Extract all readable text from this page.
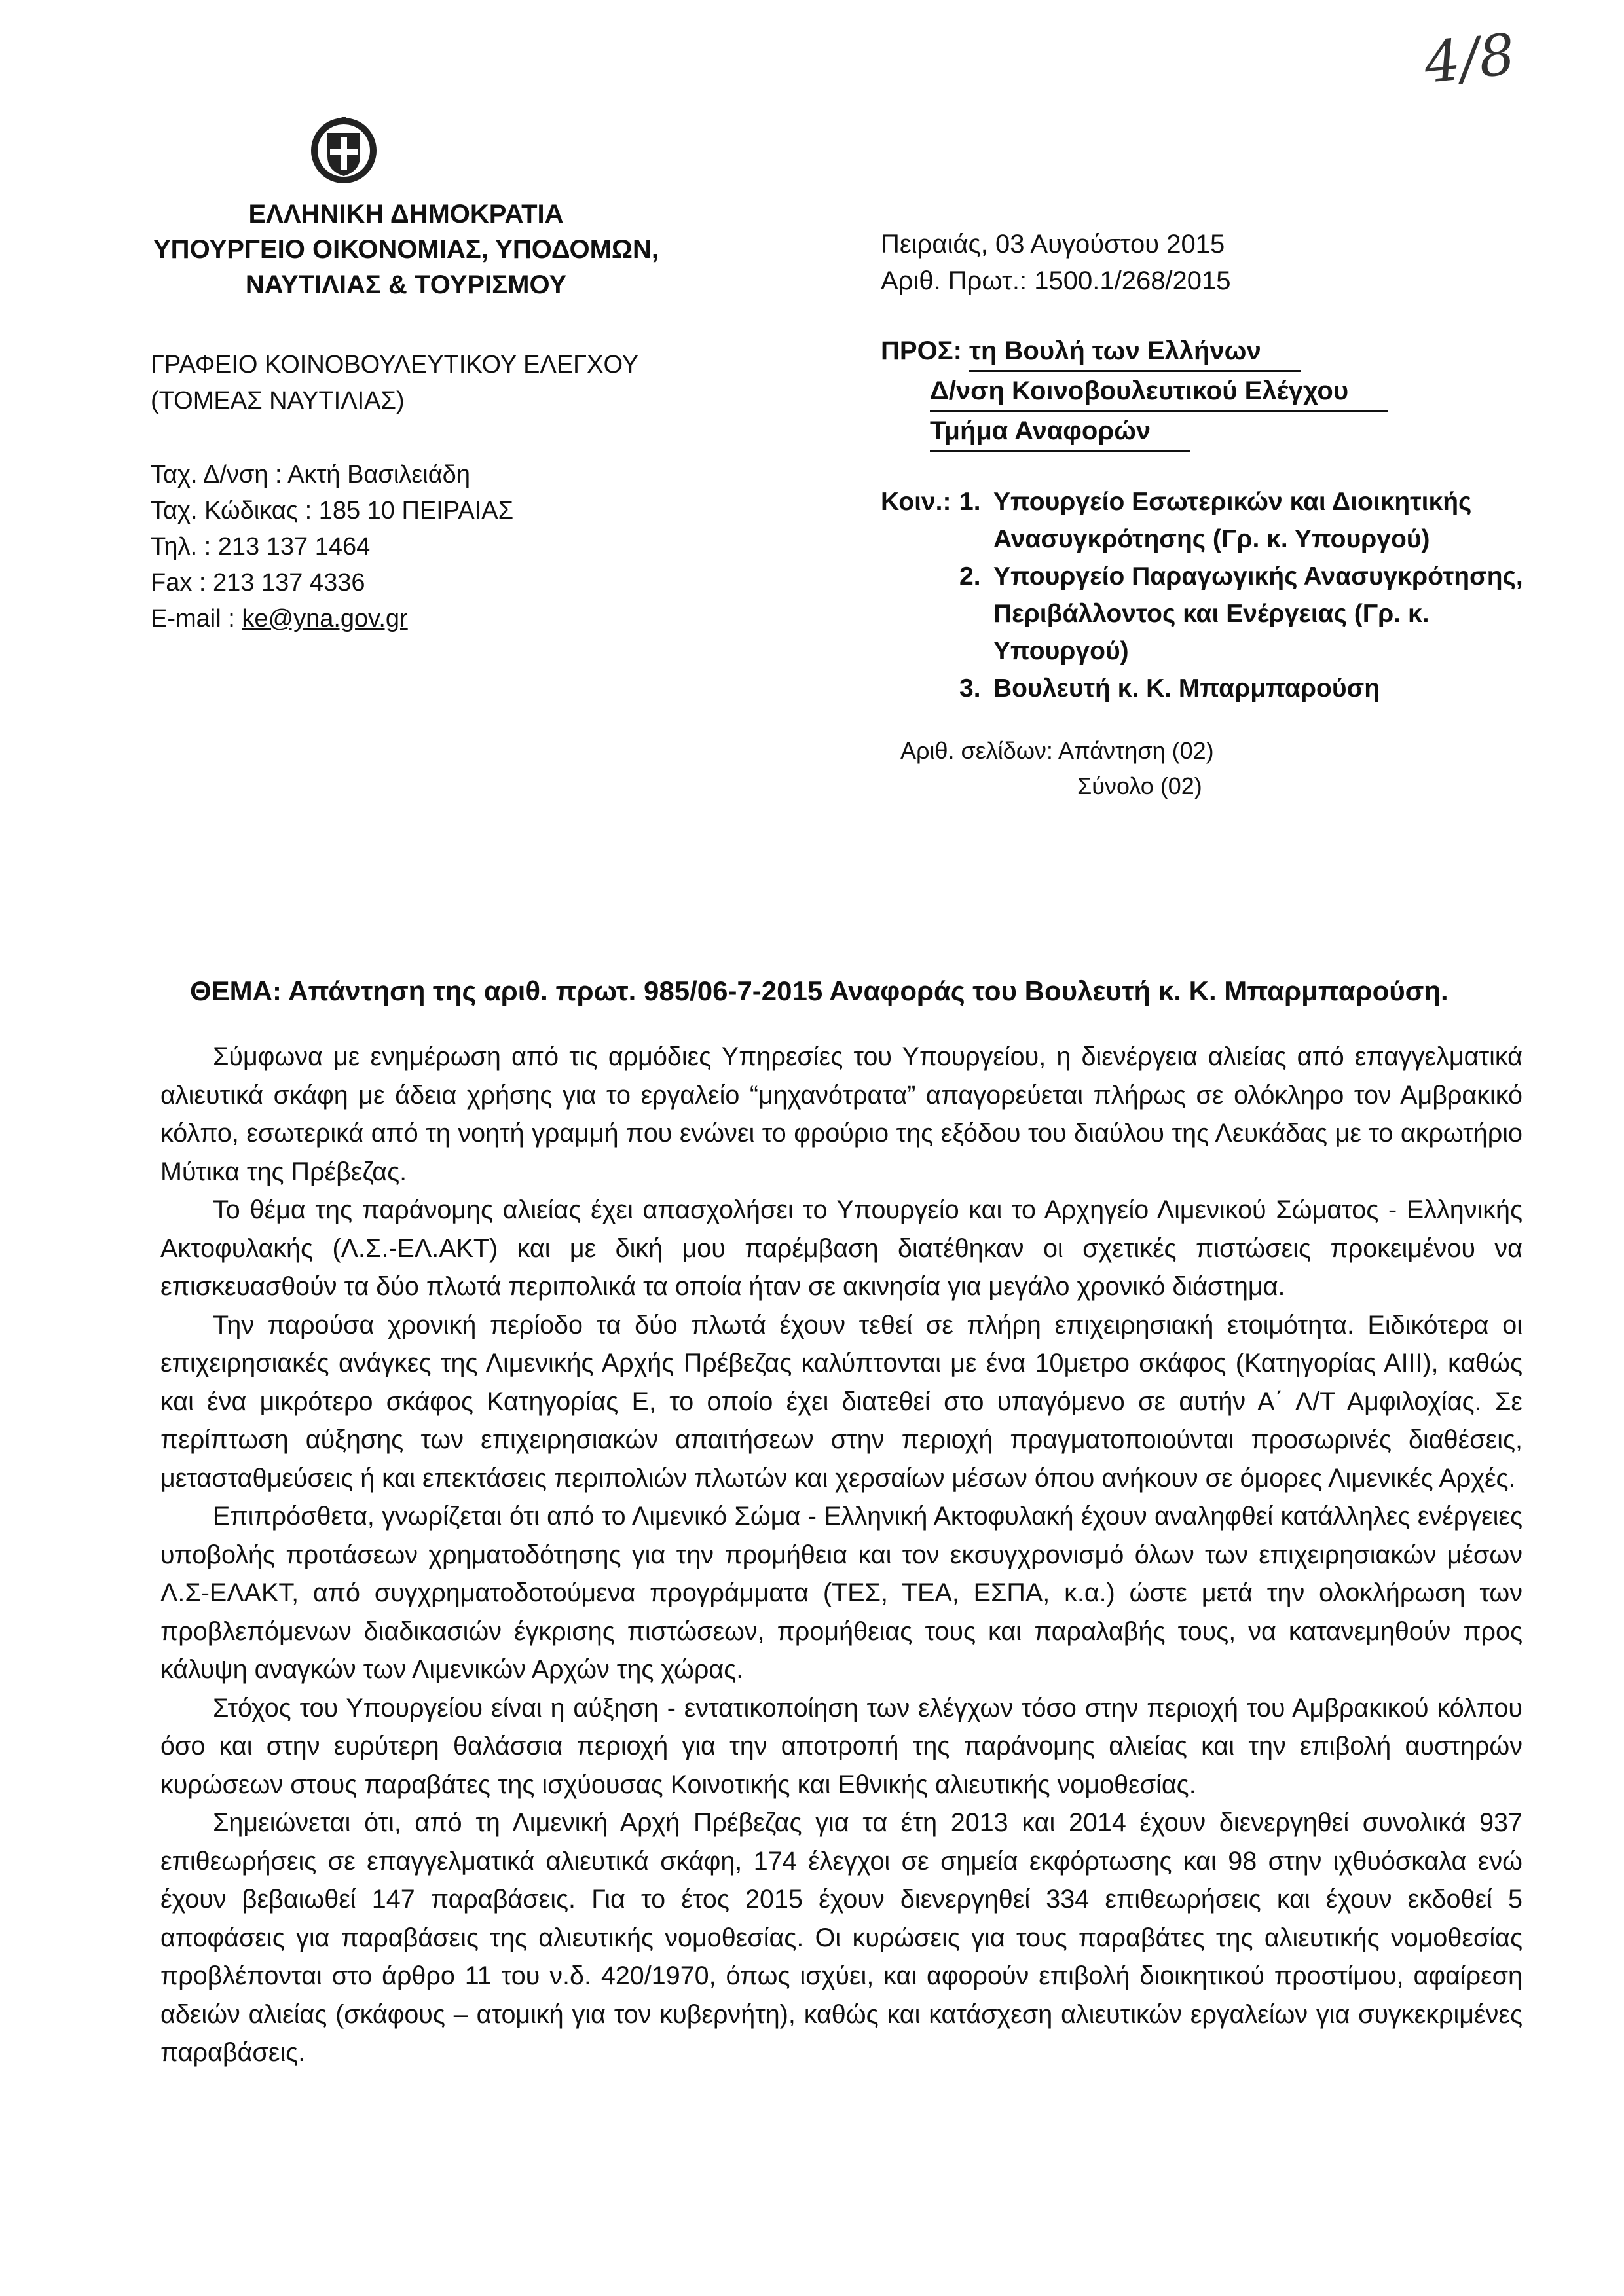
4/8
ΕΛΛΗΝΙΚΗ ΔΗΜΟΚΡΑΤΙΑ
ΥΠΟΥΡΓΕΙΟ ΟΙΚΟΝΟΜΙΑΣ, ΥΠΟΔΟΜΩΝ,
ΝΑΥΤΙΛΙΑΣ & ΤΟΥΡΙΣΜΟΥ
ΓΡΑΦΕΙΟ ΚΟΙΝΟΒΟΥΛΕΥΤΙΚΟΥ ΕΛΕΓΧΟΥ
(ΤΟΜΕΑΣ ΝΑΥΤΙΛΙΑΣ)
Ταχ. Δ/νση : Ακτή Βασιλειάδη
Ταχ. Κώδικας : 185 10 ΠΕΙΡΑΙΑΣ
Τηλ. : 213 137 1464
Fax : 213 137 4336
E-mail : ke@yna.gov.gr
Πειραιάς, 03 Αυγούστου 2015
Αριθ. Πρωτ.: 1500.1/268/2015
ΠΡΟΣ: τη Βουλή των Ελλήνων
Δ/νση Κοινοβουλευτικού Ελέγχου
Τμήμα Αναφορών
Κοιν.: 1. Υπουργείο Εσωτερικών και Διοικητικής Ανασυγκρότησης (Γρ. κ. Υπουργού)
2. Υπουργείο Παραγωγικής Ανασυγκρότησης, Περιβάλλοντος και Ενέργειας (Γρ. κ. Υπουργού)
3. Βουλευτή κ. Κ. Μπαρμπαρούση
Αριθ. σελίδων: Απάντηση (02)
Σύνολο (02)
ΘΕΜΑ: Απάντηση της αριθ. πρωτ. 985/06-7-2015 Αναφοράς του Βουλευτή κ. Κ. Μπαρμπαρούση.

Σύμφωνα με ενημέρωση από τις αρμόδιες Υπηρεσίες του Υπουργείου, η διενέργεια αλιείας από επαγγελματικά αλιευτικά σκάφη με άδεια χρήσης για το εργαλείο “μηχανότρατα” απαγορεύεται πλήρως σε ολόκληρο τον Αμβρακικό κόλπο, εσωτερικά από τη νοητή γραμμή που ενώνει το φρούριο της εξόδου του διαύλου της Λευκάδας με το ακρωτήριο Μύτικα της Πρέβεζας.

Το θέμα της παράνομης αλιείας έχει απασχολήσει το Υπουργείο και το Αρχηγείο Λιμενικού Σώματος - Ελληνικής Ακτοφυλακής (Λ.Σ.-ΕΛ.ΑΚΤ) και με δική μου παρέμβαση διατέθηκαν οι σχετικές πιστώσεις προκειμένου να επισκευασθούν τα δύο πλωτά περιπολικά τα οποία ήταν σε ακινησία για μεγάλο χρονικό διάστημα.

Την παρούσα χρονική περίοδο τα δύο πλωτά έχουν τεθεί σε πλήρη επιχειρησιακή ετοιμότητα. Ειδικότερα οι επιχειρησιακές ανάγκες της Λιμενικής Αρχής Πρέβεζας καλύπτονται με ένα 10μετρο σκάφος (Κατηγορίας ΑΙΙΙ), καθώς και ένα μικρότερο σκάφος Κατηγορίας Ε, το οποίο έχει διατεθεί στο υπαγόμενο σε αυτήν Α΄ Λ/Τ Αμφιλοχίας. Σε περίπτωση αύξησης των επιχειρησιακών απαιτήσεων στην περιοχή πραγματοποιούνται προσωρινές διαθέσεις, μετασταθμεύσεις ή και επεκτάσεις περιπολιών πλωτών και χερσαίων μέσων όπου ανήκουν σε όμορες Λιμενικές Αρχές.

Επιπρόσθετα, γνωρίζεται ότι από το Λιμενικό Σώμα - Ελληνική Ακτοφυλακή έχουν αναληφθεί κατάλληλες ενέργειες υποβολής προτάσεων χρηματοδότησης για την προμήθεια και τον εκσυγχρονισμό όλων των επιχειρησιακών μέσων Λ.Σ-ΕΛΑΚΤ, από συγχρηματοδοτούμενα προγράμματα (ΤΕΣ, ΤΕΑ, ΕΣΠΑ, κ.α.) ώστε μετά την ολοκλήρωση των προβλεπόμενων διαδικασιών έγκρισης πιστώσεων, προμήθειας τους και παραλαβής τους, να κατανεμηθούν προς κάλυψη αναγκών των Λιμενικών Αρχών της χώρας.

Στόχος του Υπουργείου είναι η αύξηση - εντατικοποίηση των ελέγχων τόσο στην περιοχή του Αμβρακικού κόλπου όσο και στην ευρύτερη θαλάσσια περιοχή για την αποτροπή της παράνομης αλιείας και την επιβολή αυστηρών κυρώσεων στους παραβάτες της ισχύουσας Κοινοτικής και Εθνικής αλιευτικής νομοθεσίας.

Σημειώνεται ότι, από τη Λιμενική Αρχή Πρέβεζας για τα έτη 2013 και 2014 έχουν διενεργηθεί συνολικά 937 επιθεωρήσεις σε επαγγελματικά αλιευτικά σκάφη, 174 έλεγχοι σε σημεία εκφόρτωσης και 98 στην ιχθυόσκαλα ενώ έχουν βεβαιωθεί 147 παραβάσεις. Για το έτος 2015 έχουν διενεργηθεί 334 επιθεωρήσεις και έχουν εκδοθεί 5 αποφάσεις για παραβάσεις της αλιευτικής νομοθεσίας. Οι κυρώσεις για τους παραβάτες της αλιευτικής νομοθεσίας προβλέπονται στο άρθρο 11 του ν.δ. 420/1970, όπως ισχύει, και αφορούν επιβολή διοικητικού προστίμου, αφαίρεση αδειών αλιείας (σκάφους – ατομική για τον κυβερνήτη), καθώς και κατάσχεση αλιευτικών εργαλείων για συγκεκριμένες παραβάσεις.
